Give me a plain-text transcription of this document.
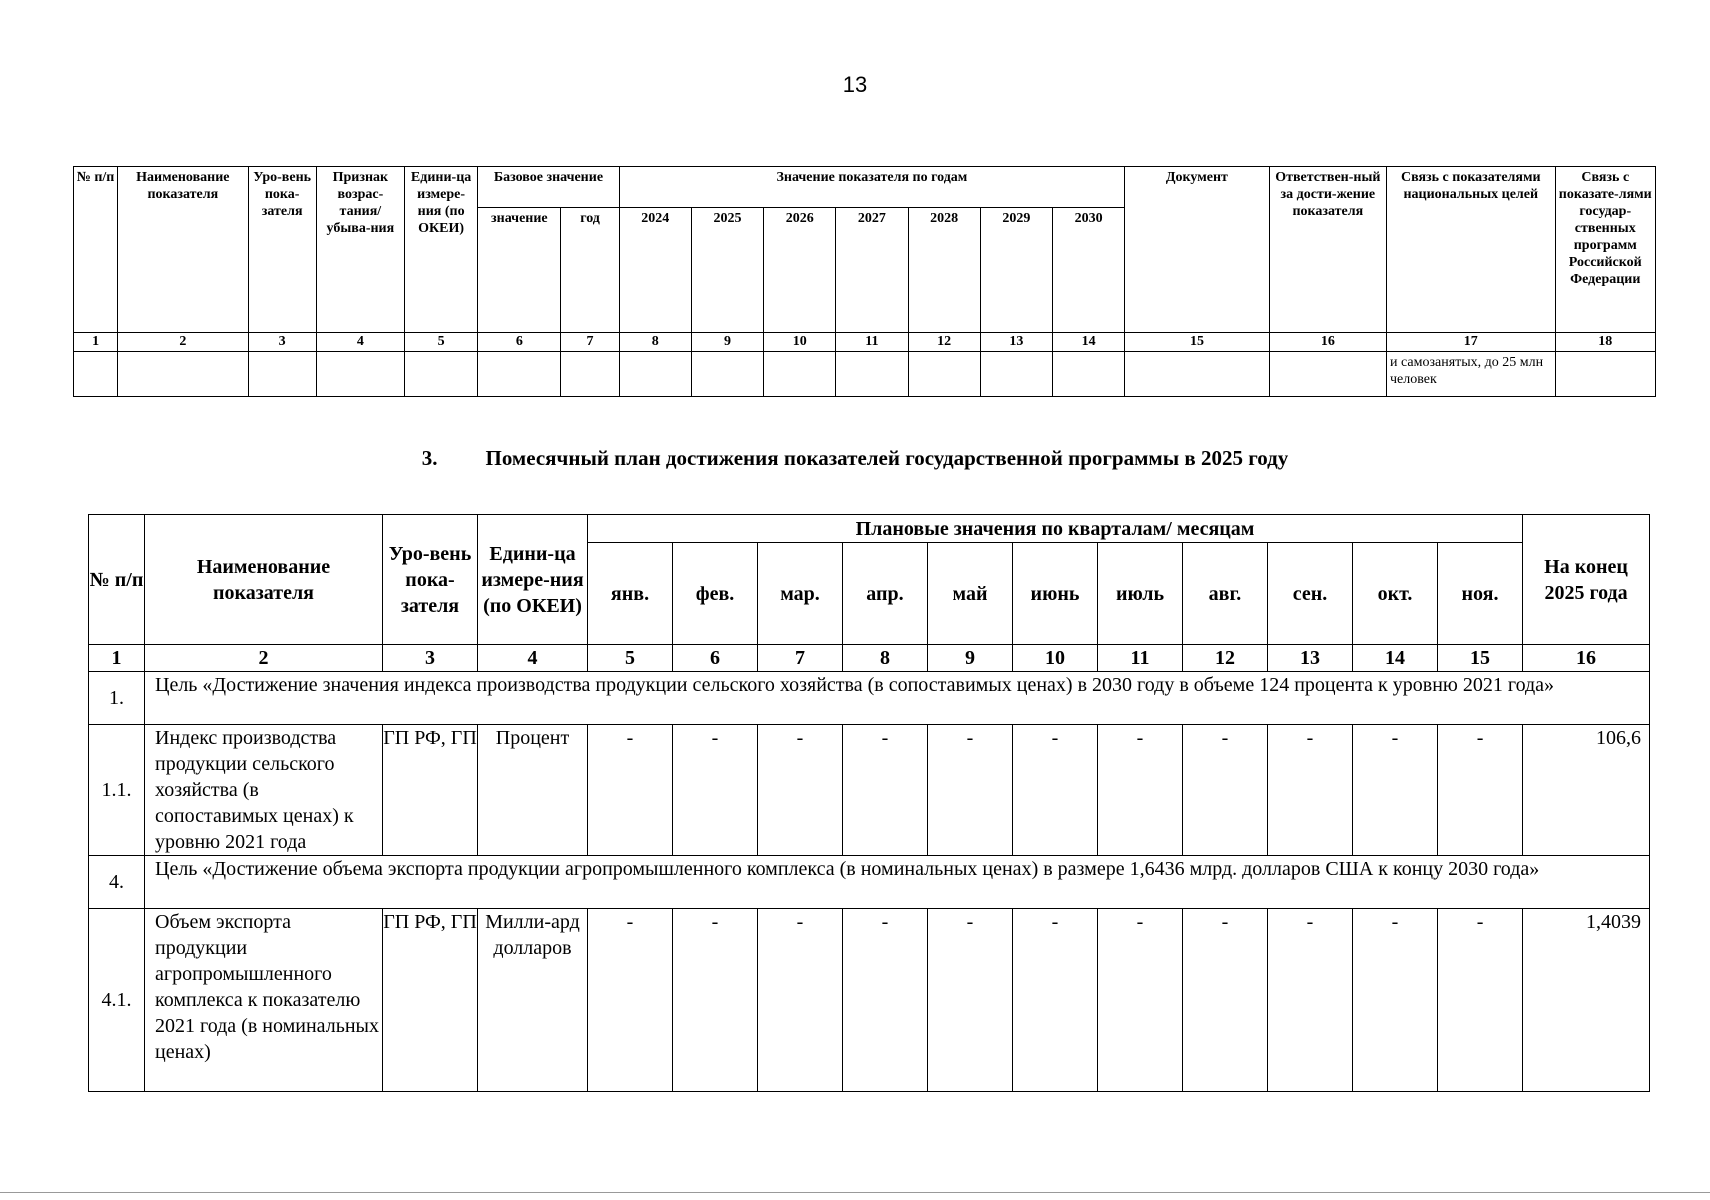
13
№ п/п	Наименование показателя	Уро-вень пока-зателя	Признак возрас-тания/ убыва-ния	Едини-ца измере-ния (по ОКЕИ)	Базовое значение		Значение показателя по годам							Документ	Ответствен-ный за дости-жение показателя	Связь с показателями национальных целей	Связь с показате-лями государ-ственных программ Российской Федерации
					значение	год	2024	2025	2026	2027	2028	2029	2030				
1	2	3	4	5	6	7	8	9	10	11	12	13	14	15	16	17	18
																и самозанятых, до 25 млн человек	
3. Помесячный план достижения показателей государственной программы в 2025 году
№ п/п	Наименование показателя	Уро-вень пока-зателя	Едини-ца измере-ния (по ОКЕИ)	Плановые значения по кварталам/ месяцам											На конец 2025 года
				янв.	фев.	мар.	апр.	май	июнь	июль	авг.	сен.	окт.	ноя.	
1	2	3	4	5	6	7	8	9	10	11	12	13	14	15	16
1.	Цель «Достижение значения индекса производства продукции сельского хозяйства (в сопоставимых ценах) в 2030 году в объеме 124 процента к уровню 2021 года»														
1.1.	Индекс производства продукции сельского хозяйства (в сопоставимых ценах) к уровню 2021 года	ГП РФ, ГП	Процент	-	-	-	-	-	-	-	-	-	-	-	106,6
4.	Цель «Достижение объема экспорта продукции агропромышленного комплекса (в номинальных ценах) в размере 1,6436 млрд. долларов США к концу 2030 года»														
4.1.	Объем экспорта продукции агропромышленного комплекса к показателю 2021 года (в номинальных ценах)	ГП РФ, ГП	Милли-ард долларов	-	-	-	-	-	-	-	-	-	-	-	1,4039
